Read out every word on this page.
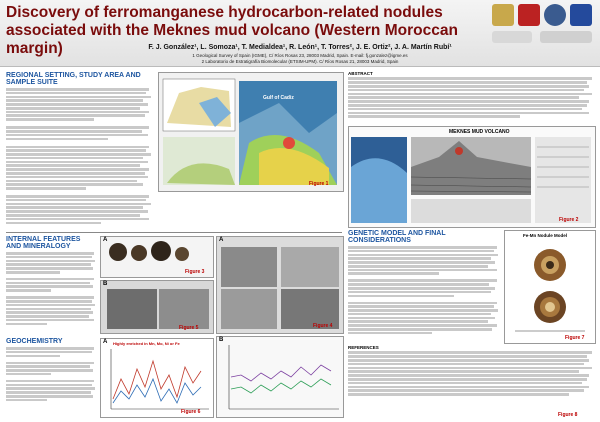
Discovery of ferromanganese hydrocarbon-related nodules associated with the Meknes mud volcano (Western Moroccan margin)	F. J. González¹, L. Somoza¹, T. Medialdea¹, R. León¹, T. Torres², J. E. Ortiz², J. A. Martín Rubí¹
1 Geological Survey of Spain (IGME), C/ Ríos Rosas 23, 28003 Madrid, Spain. E-mail: fj.gonzalez@igme.es
2 Laboratorio de Estratigrafía Biomolecular (ETSIM-UPM). C/ Ríos Rosas 21, 28003 Madrid, Spain
REGIONAL SETTING, STUDY AREA AND SAMPLE SUITE
Gulf of Cadiz
Figure 1
ABSTRACT
MEKNES MUD VOLCANO
Figure 2
INTERNAL FEATURES AND MINERALOGY
A
Figure 3
A
Figure 4
B
Figure 5
GEOCHEMISTRY	A Highly enriched in Mn, Mo, Ni or Fe
Figure 6
B
GENETIC MODEL AND FINAL CONSIDERATIONS
Fe-Mn Nodule Model
Figure 7
REFERENCES
Figure 8
